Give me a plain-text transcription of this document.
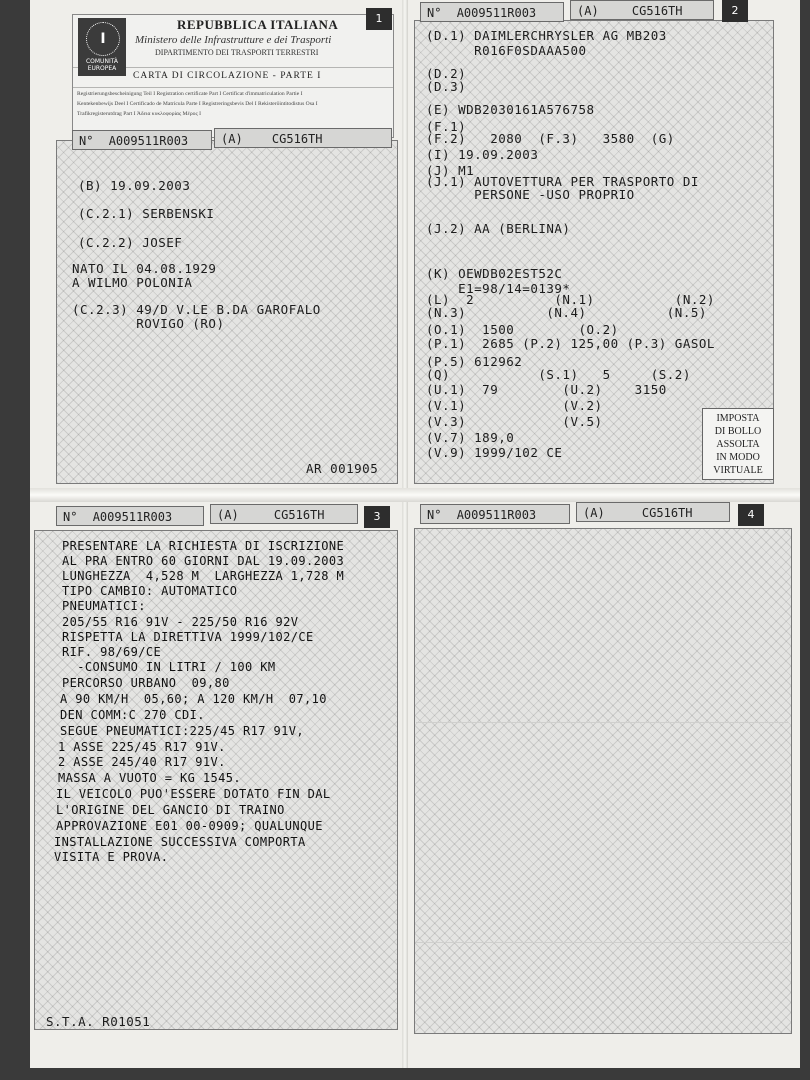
REPUBBLICA ITALIANA
Ministero delle Infrastrutture e dei Trasporti
DIPARTIMENTO DEI TRASPORTI TERRESTRI
CARTA DI CIRCOLAZIONE - PARTE I
Registrierungsbescheinigung Teil I Registration certificate Part I Certificat d'immatriculation Partie I
Kentekenbewijs Deel I Certificado de Matrícula Parte I Registreringsbevis Del I Rekisteröintitodistus Osa I
Trafikregisterutdrag Part I Άδεια κυκλοφορίας Μέρος Ι
I
COMUNITÀ EUROPEA
1
N° A009511R003	(A) CG516TH
(B) 19.09.2003
(C.2.1) SERBENSKI
(C.2.2) JOSEF
NATO IL 04.08.1929
A WILMO POLONIA
(C.2.3) 49/D V.LE B.DA GAROFALO
ROVIGO (RO)
AR 001905
N° A009511R003	(A)	CG516TH	2
(D.1) DAIMLERCHRYSLER AG MB203
R016F0SDAAA500
(D.2)
(D.3)
(E) WDB2030161A576758
(F.1)
(F.2)   2080  (F.3)   3580  (G)
(I) 19.09.2003
(J) M1
(J.1) AUTOVETTURA PER TRASPORTO DI
PERSONE -USO PROPRIO
(J.2) AA (BERLINA)
(K) OEWDB02EST52C
E1=98/14=0139*
(L)  2          (N.1)          (N.2)
(N.3)          (N.4)          (N.5)
(O.1)  1500        (O.2)
(P.1)  2685 (P.2) 125,00 (P.3) GASOL
(P.5) 612962
(Q)           (S.1)   5     (S.2)
(U.1)  79        (U.2)    3150
(V.1)            (V.2)
(V.3)            (V.5)
(V.7) 189,0
(V.9) 1999/102 CE
IMPOSTA
DI BOLLO
ASSOLTA
IN MODO
VIRTUALE
N° A009511R003	(A)	CG516TH	3
PRESENTARE LA RICHIESTA DI ISCRIZIONE
AL PRA ENTRO 60 GIORNI DAL 19.09.2003
LUNGHEZZA  4,528 M  LARGHEZZA 1,728 M
TIPO CAMBIO: AUTOMATICO
PNEUMATICI:
205/55 R16 91V - 225/50 R16 92V
RISPETTA LA DIRETTIVA 1999/102/CE
RIF. 98/69/CE
-CONSUMO IN LITRI / 100 KM
PERCORSO URBANO  09,80
A 90 KM/H  05,60; A 120 KM/H  07,10
DEN COMM:C 270 CDI.
SEGUE PNEUMATICI:225/45 R17 91V,
1 ASSE 225/45 R17 91V.
2 ASSE 245/40 R17 91V.
MASSA A VUOTO = KG 1545.
IL VEICOLO PUO'ESSERE DOTATO FIN DAL
L'ORIGINE DEL GANCIO DI TRAINO
APPROVAZIONE E01 00-0909; QUALUNQUE
INSTALLAZIONE SUCCESSIVA COMPORTA
VISITA E PROVA.
S.T.A. R01051
N° A009511R003	(A)	CG516TH	4
